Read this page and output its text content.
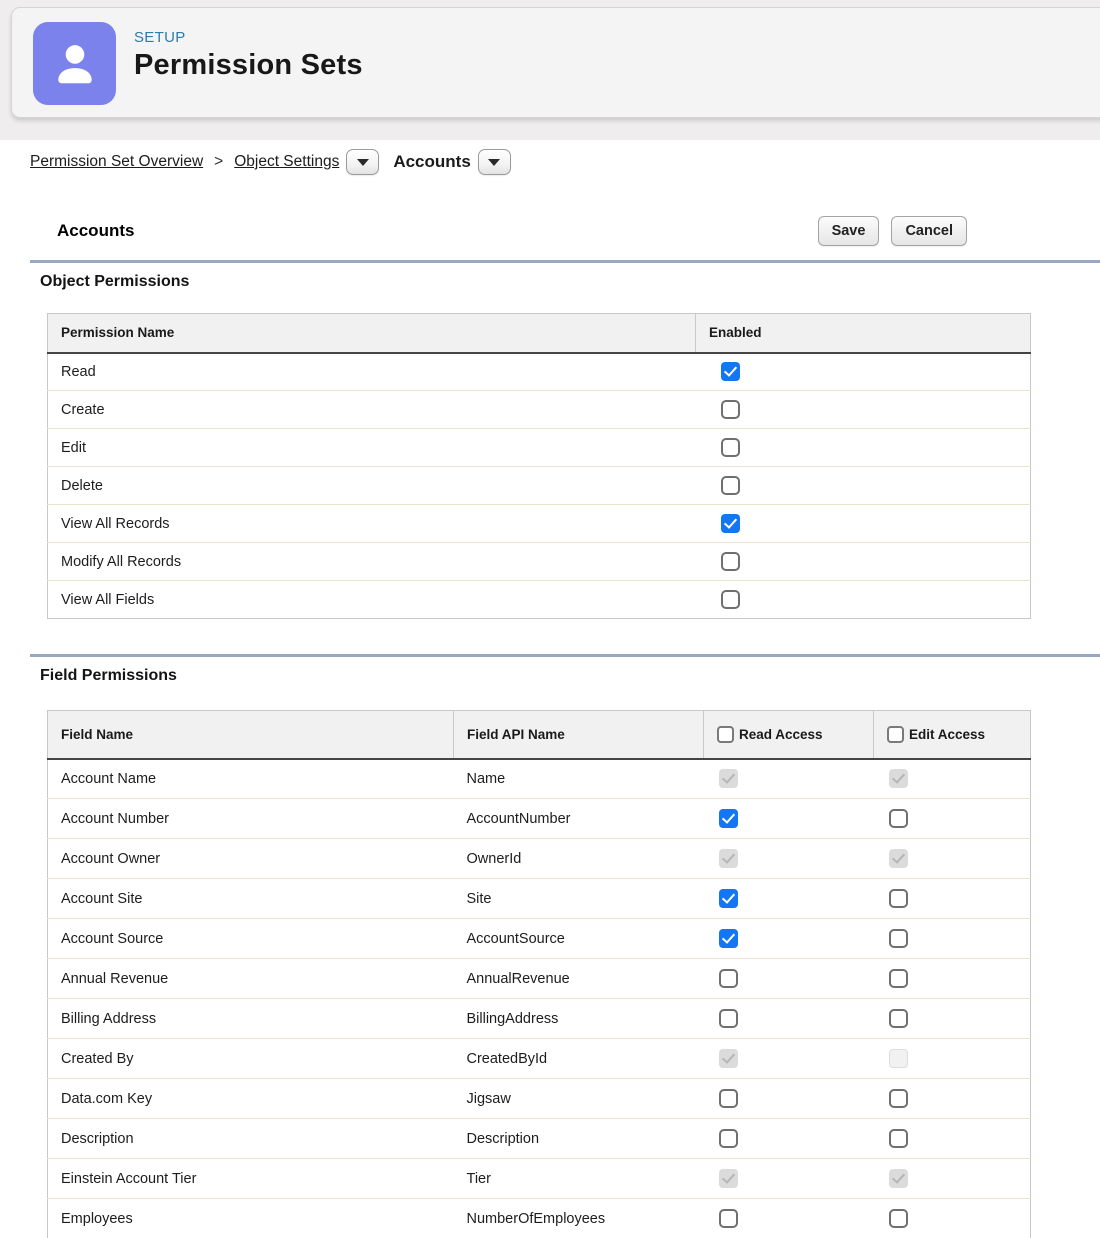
SETUP
Permission Sets
Permission Set Overview > Object Settings	Accounts
Accounts	Save	Cancel
Object Permissions
Permission Name	Enabled
Read	

Create	

Edit	

Delete	

View All Records	

Modify All Records	

View All Fields	
Field Permissions
Field Name	Field API Name	Read Access	Edit Access

Account Name	Name	

Account Number	AccountNumber	

Account Owner	OwnerId	

Account Site	Site	

Account Source	AccountSource	

Annual Revenue	AnnualRevenue	

Billing Address	BillingAddress	

Created By	CreatedById	

Data.com Key	Jigsaw	

Description	Description	

Einstein Account Tier	Tier	

Employees	NumberOfEmployees	
